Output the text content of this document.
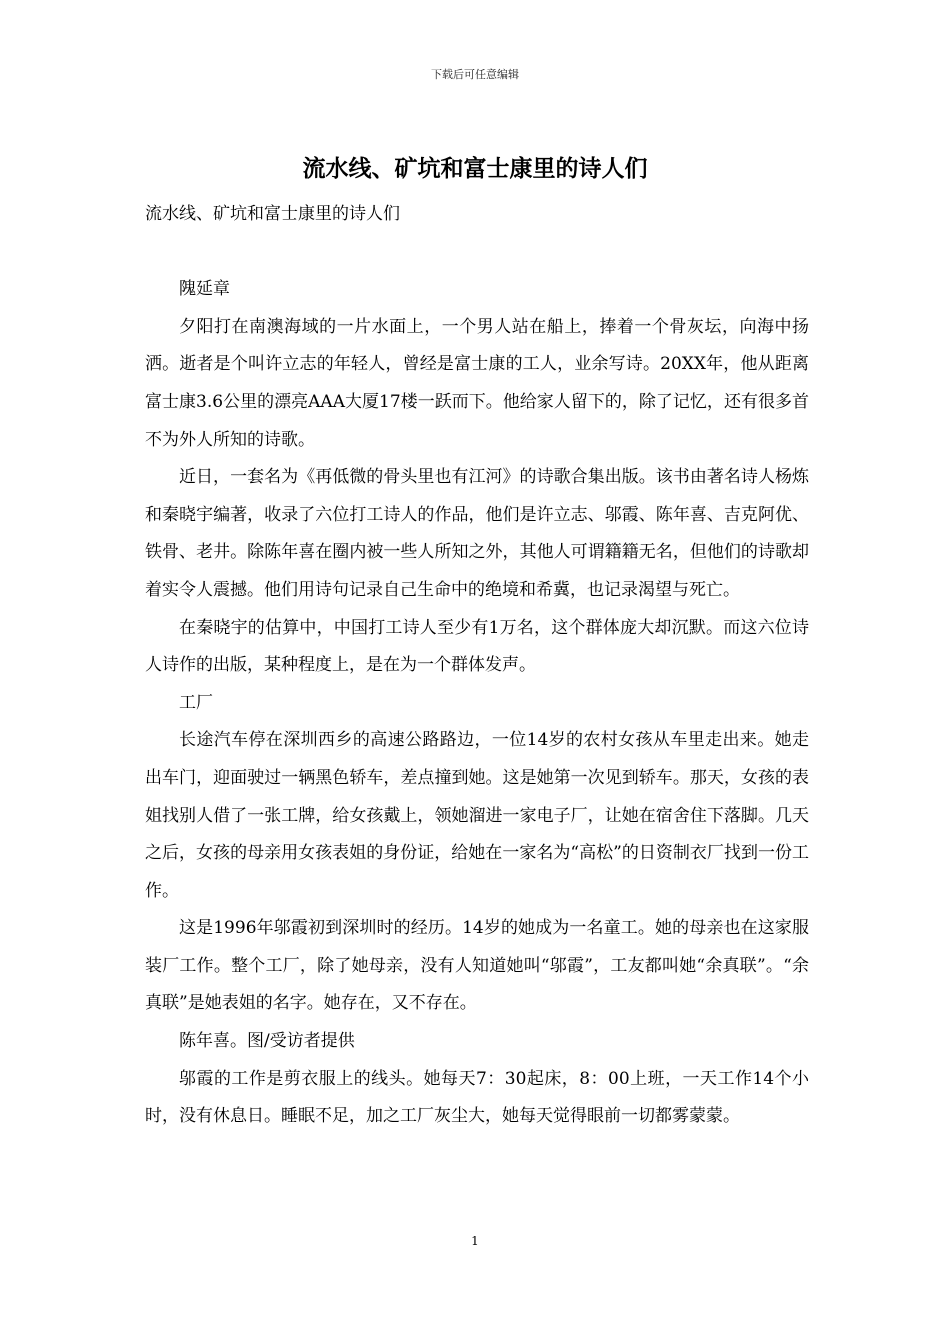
下载后可任意编辑
流水线、矿坑和富士康里的诗人们

流水线、矿坑和富士康里的诗人们

隗延章

夕阳打在南澳海域的一片水面上，一个男人站在船上，捧着一个骨灰坛，向海中扬洒。逝者是个叫许立志的年轻人，曾经是富士康的工人，业余写诗。20XX年，他从距离富士康3.6公里的漂亮AAA大厦17楼一跃而下。他给家人留下的，除了记忆，还有很多首不为外人所知的诗歌。

近日，一套名为《再低微的骨头里也有江河》的诗歌合集出版。该书由著名诗人杨炼和秦晓宇编著，收录了六位打工诗人的作品，他们是许立志、邬霞、陈年喜、吉克阿优、铁骨、老井。除陈年喜在圈内被一些人所知之外，其他人可谓籍籍无名，但他们的诗歌却着实令人震撼。他们用诗句记录自己生命中的绝境和希冀，也记录渴望与死亡。

在秦晓宇的估算中，中国打工诗人至少有1万名，这个群体庞大却沉默。而这六位诗人诗作的出版，某种程度上，是在为一个群体发声。

工厂

长途汽车停在深圳西乡的高速公路路边，一位14岁的农村女孩从车里走出来。她走出车门，迎面驶过一辆黑色轿车，差点撞到她。这是她第一次见到轿车。那天，女孩的表姐找别人借了一张工牌，给女孩戴上，领她溜进一家电子厂，让她在宿舍住下落脚。几天之后，女孩的母亲用女孩表姐的身份证，给她在一家名为“高松”的日资制衣厂找到一份工作。

这是1996年邬霞初到深圳时的经历。14岁的她成为一名童工。她的母亲也在这家服装厂工作。整个工厂，除了她母亲，没有人知道她叫“邬霞”，工友都叫她“余真联”。“余真联”是她表姐的名字。她存在，又不存在。

陈年喜。图/受访者提供

邬霞的工作是剪衣服上的线头。她每天7：30起床，8：00上班，一天工作14个小时，没有休息日。睡眠不足，加之工厂灰尘大，她每天觉得眼前一切都雾蒙蒙。

1
